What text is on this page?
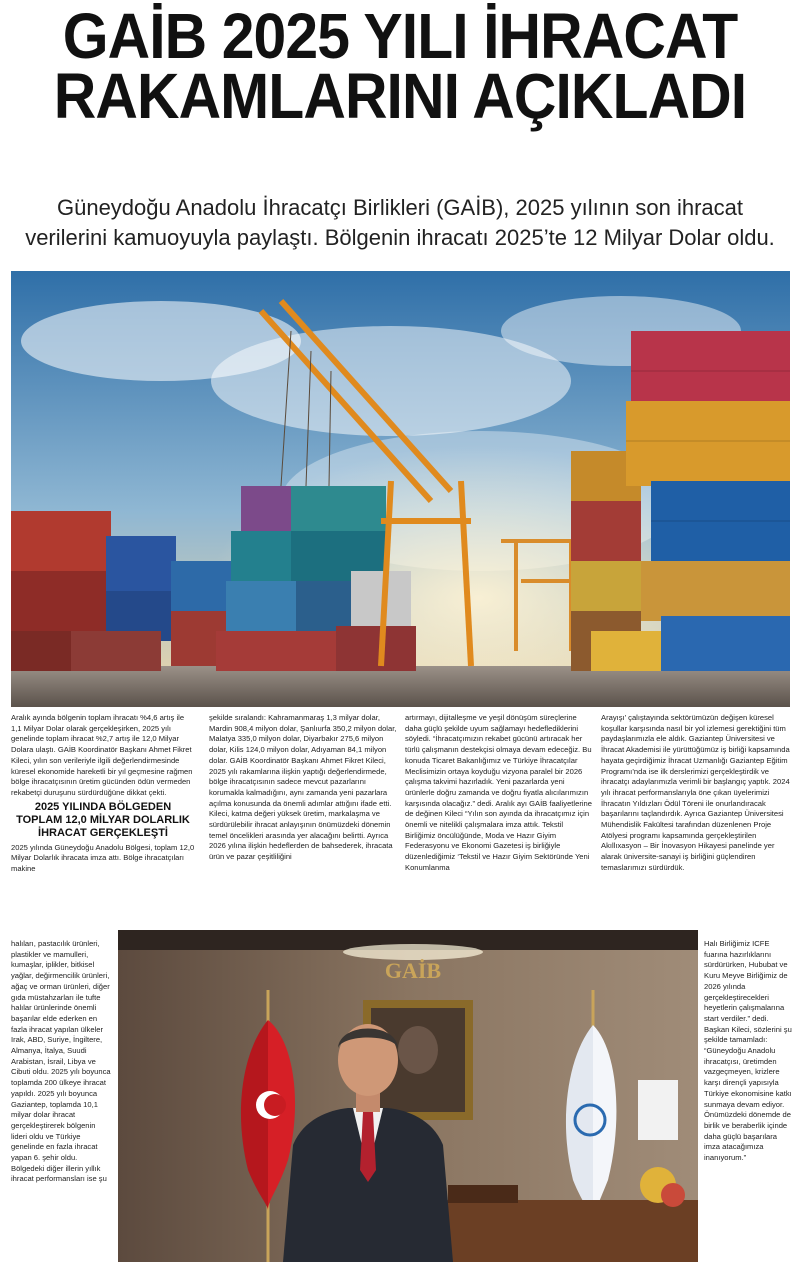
GAİB 2025 YILI İHRACAT
RAKAMLARINI AÇIKLADI
Güneydoğu Anadolu İhracatçı Birlikleri (GAİB), 2025 yılının son ihracat verilerini kamuoyuyla paylaştı. Bölgenin ihracatı 2025’te 12 Milyar Dolar oldu.

Aralık ayında bölgenin toplam ihracatı %4,6 artış ile 1,1 Milyar Dolar olarak gerçekleşirken, 2025 yılı genelinde toplam ihracat %2,7 artış ile 12,0 Milyar Dolara ulaştı. GAİB Koordinatör Başkanı Ahmet Fikret Kileci, yılın son verileriyle ilgili değerlendirmesinde küresel ekonomide hareketli bir yıl geçmesine rağmen bölge ihracatçısının üretim gücünden ödün vermeden rekabetçi duruşunu sürdürdüğüne dikkat çekti.

2025 YILINDA BÖLGEDEN TOPLAM 12,0 MİLYAR DOLARLIK İHRACAT GERÇEKLEŞTİ

2025 yılında Güneydoğu Anadolu Bölgesi, toplam 12,0 Milyar Dolarlık ihracata imza attı. Bölge ihracatçıları makine

halıları, pastacılık ürünleri, plastikler ve mamulleri, kumaşlar, iplikler, bitkisel yağlar, değirmencilik ürünleri, ağaç ve orman ürünleri, diğer gıda müstahzarları ile tufte halılar ürünlerinde önemli başarılar elde ederken en fazla ihracat yapılan ülkeler Irak, ABD, Suriye, İngiltere, Almanya, İtalya, Suudi Arabistan, İsrail, Libya ve Cibuti oldu. 2025 yılı boyunca toplamda 200 ülkeye ihracat yapıldı. 2025 yılı boyunca Gaziantep, toplamda 10,1 milyar dolar ihracat gerçekleştirerek bölgenin lideri oldu ve Türkiye genelinde en fazla ihracat yapan 6. şehir oldu. Bölgedeki diğer illerin yıllık ihracat performansları ise şu

şekilde sıralandı: Kahramanmaraş 1,3 milyar dolar, Mardin 908,4 milyon dolar, Şanlıurfa 350,2 milyon dolar, Malatya 335,0 milyon dolar, Diyarbakır 275,6 milyon dolar, Kilis 124,0 milyon dolar, Adıyaman 84,1 milyon dolar. GAİB Koordinatör Başkanı Ahmet Fikret Kileci, 2025 yılı rakamlarına ilişkin yaptığı değerlendirmede, bölge ihracatçısının sadece mevcut pazarlarını korumakla kalmadığını, aynı zamanda yeni pazarlara açılma konusunda da önemli adımlar attığını ifade etti. Kileci, katma değeri yüksek üretim, markalaşma ve sürdürülebilir ihracat anlayışının önümüzdeki dönemin temel öncelikleri arasında yer alacağını belirtti. Ayrıca 2026 yılına ilişkin hedeflerden de bahsederek, ihracata ürün ve pazar çeşitliliğini

artırmayı, dijitalleşme ve yeşil dönüşüm süreçlerine daha güçlü şekilde uyum sağlamayı hedeflediklerini söyledi. “İhracatçımızın rekabet gücünü artıracak her türlü çalışmanın destekçisi olmaya devam edeceğiz. Bu konuda Ticaret Bakanlığımız ve Türkiye İhracatçılar Meclisimizin ortaya koyduğu vizyona paralel bir 2026 çalışma takvimi hazırladık. Yeni pazarlarda yeni ürünlerle doğru zamanda ve doğru fiyatla alıcılarımızın karşısında olacağız.” dedi. Aralık ayı GAİB faaliyetlerine de değinen Kileci “Yılın son ayında da ihracatçımız için önemli ve nitelikli çalışmalara imza attık. Tekstil Birliğimiz öncülüğünde, Moda ve Hazır Giyim Federasyonu ve Ekonomi Gazetesi iş birliğiyle düzenlediğimiz ‘Tekstil ve Hazır Giyim Sektöründe Yeni Konumlanma

Arayışı’ çalıştayında sektörümüzün değişen küresel koşullar karşısında nasıl bir yol izlemesi gerektiğini tüm paydaşlarımızla ele aldık. Gaziantep Üniversitesi ve İhracat Akademisi ile yürüttüğümüz iş birliği kapsamında hayata geçirdiğimiz İhracat Uzmanlığı Gaziantep Eğitim Programı’nda ise ilk derslerimizi gerçekleştirdik ve ihracatçı adaylarımızla verimli bir başlangıç yaptık. 2024 yılı ihracat performanslarıyla öne çıkan üyelerimizi İhracatın Yıldızları Ödül Töreni ile onurlandıracak başarılarını taçlandırdık. Ayrıca Gaziantep Üniversitesi Mühendislik Fakültesi tarafından düzenlenen Proje Atölyesi programı kapsamında gerçekleştirilen Akıllıxasyon – Bir İnovasyon Hikayesi panelinde yer alarak üniversite-sanayi iş birliğini güçlendiren temaslarımızı sürdürdük.

Halı Birliğimiz ICFE fuarına hazırlıklarını sürdürürken, Hububat ve Kuru Meyve Birliğimiz de 2026 yılında gerçekleştirecekleri heyetlerin çalışmalarına start verdiler.” dedi. Başkan Kileci, sözlerini şu şekilde tamamladı: “Güneydoğu Anadolu ihracatçısı, üretimden vazgeçmeyen, krizlere karşı dirençli yapısıyla Türkiye ekonomisine katkı sunmaya devam ediyor. Önümüzdeki dönemde de birlik ve beraberlik içinde daha güçlü başarılara imza atacağımıza inanıyorum.”

GAİB
